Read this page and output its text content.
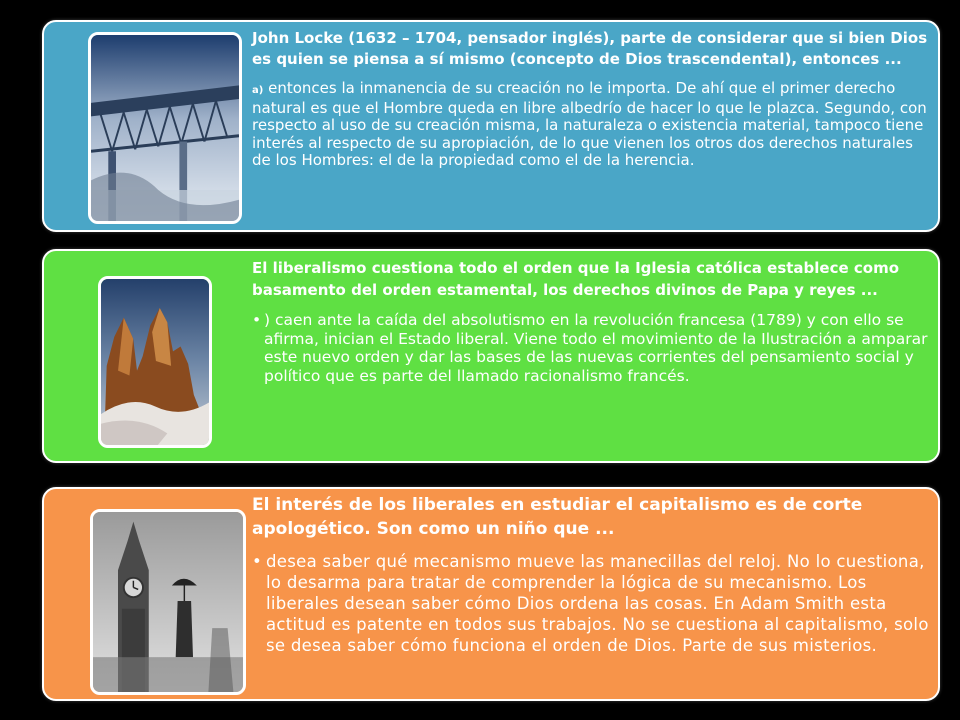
John Locke (1632 – 1704, pensador inglés), parte de considerar que si bien Dios es quien se piensa a sí mismo (concepto de Dios trascendental), entonces ...

a) entonces la inmanencia de su creación no le importa. De ahí que el primer derecho natural es que el Hombre queda en libre albedrío de hacer lo que le plazca. Segundo, con respecto al uso de su creación misma, la naturaleza o existencia material, tampoco tiene interés al respecto de su apropiación, de lo que vienen los otros dos derechos naturales de los Hombres: el de la propiedad como el de la herencia.

El liberalismo cuestiona todo el orden que la Iglesia católica establece como basamento del orden estamental, los derechos divinos de Papa y reyes ...

• ) caen ante la caída del absolutismo en la revolución francesa (1789) y con ello se afirma, inician el Estado liberal. Viene todo el movimiento de la Ilustración a amparar este nuevo orden y dar las bases de las nuevas corrientes del pensamiento social y político que es parte del llamado racionalismo francés.

El interés de los liberales en estudiar el capitalismo es de corte apologético. Son como un niño que ...

• desea saber qué mecanismo mueve las manecillas del reloj. No lo cuestiona, lo desarma para tratar de comprender la lógica de su mecanismo. Los liberales desean saber cómo Dios ordena las cosas. En Adam Smith esta actitud es patente en todos sus trabajos. No se cuestiona al capitalismo, solo se desea saber cómo funciona el orden de Dios. Parte de sus misterios.
